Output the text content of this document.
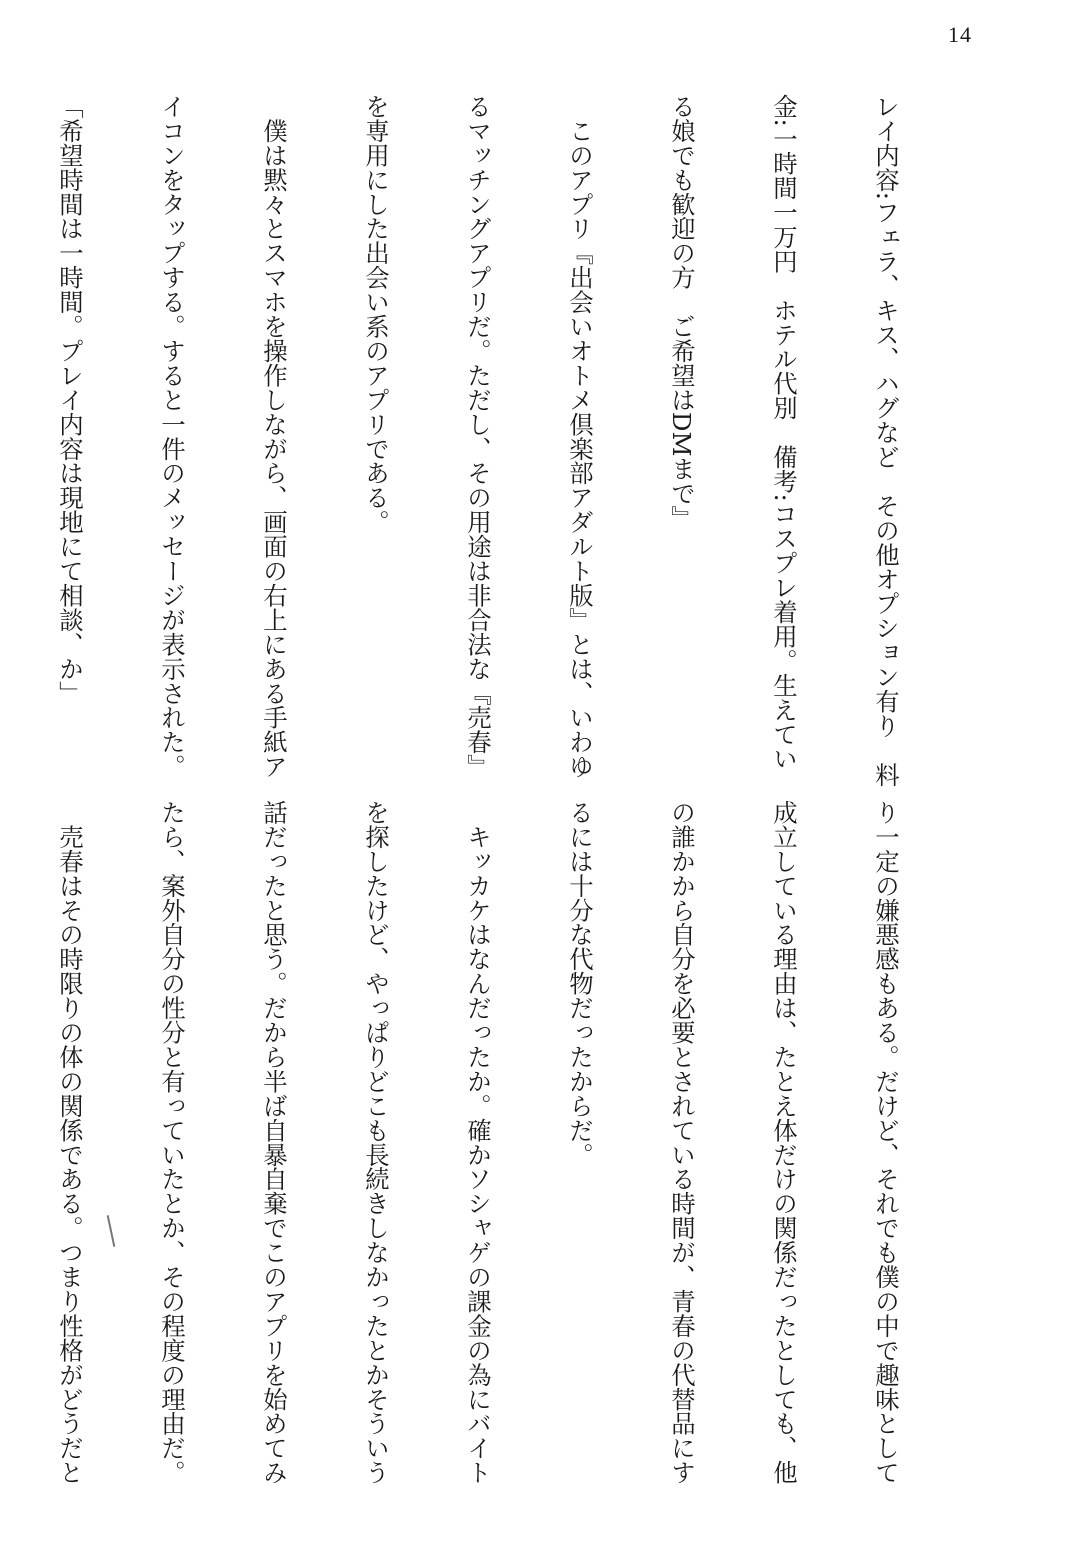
14

レイ内容:フェラ、キス、ハグなど　その他オプション有り　料

金:一時間一万円　ホテル代別　備考:コスプレ着用。生えてい

る娘でも歓迎の方　ご希望はDMまで』

　このアプリ『出会いオトメ倶楽部アダルト版』とは、いわゆ

るマッチングアプリだ。ただし、その用途は非合法な『売春』

を専用にした出会い系のアプリである。

　僕は黙々とスマホを操作しながら、画面の右上にある手紙ア

イコンをタップする。すると一件のメッセージが表示された。

「希望時間は一時間。プレイ内容は現地にて相談、か」

り一定の嫌悪感もある。だけど、それでも僕の中で趣味として

成立している理由は、たとえ体だけの関係だったとしても、他

の誰かから自分を必要とされている時間が、青春の代替品にす

るには十分な代物だったからだ。

　キッカケはなんだったか。確かソシャゲの課金の為にバイト

を探したけど、やっぱりどこも長続きしなかったとかそういう

話だったと思う。だから半ば自暴自棄でこのアプリを始めてみ

たら、案外自分の性分と有っていたとか、その程度の理由だ。

　売春はその時限りの体の関係である。つまり性格がどうだと
